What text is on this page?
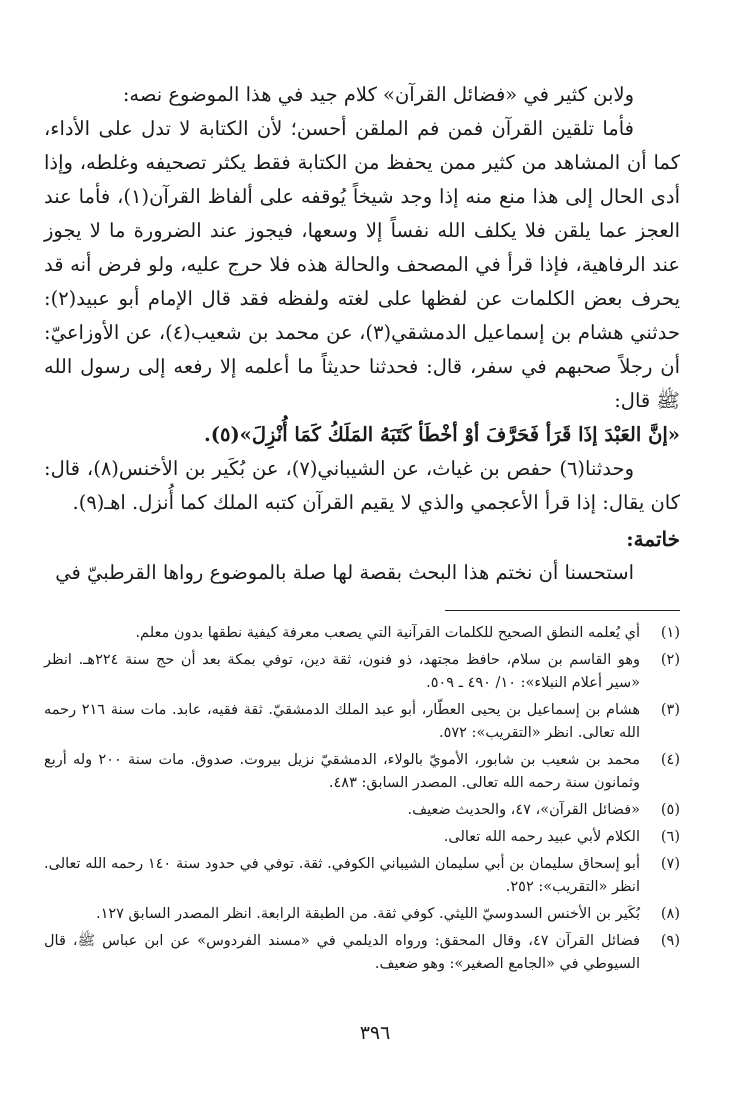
ولابن كثير في «فضائل القرآن» كلام جيد في هذا الموضوع نصه:

فأما تلقين القرآن فمن فم الملقن أحسن؛ لأن الكتابة لا تدل على الأداء، كما أن المشاهد من كثير ممن يحفظ من الكتابة فقط يكثر تصحيفه وغلطه، وإذا أدى الحال إلى هذا منع منه إذا وجد شيخاً يُوقفه على ألفاظ القرآن(١)، فأما عند العجز عما يلقن فلا يكلف الله نفساً إلا وسعها، فيجوز عند الضرورة ما لا يجوز عند الرفاهية، فإذا قرأ في المصحف والحالة هذه فلا حرج عليه، ولو فرض أنه قد يحرف بعض الكلمات عن لفظها على لغته ولفظه فقد قال الإمام أبو عبيد(٢): حدثني هشام بن إسماعيل الدمشقي(٣)، عن محمد بن شعيب(٤)، عن الأوزاعيّ: أن رجلاً صحبهم في سفر، قال: فحدثنا حديثاً ما أعلمه إلا رفعه إلى رسول الله ﷺ قال:

«إنَّ العَبْدَ إذَا قَرَأ فَحَرَّفَ أوْ أخْطَأ كَتَبَهُ المَلَكُ كَمَا أُنْزِلَ»(٥).

وحدثنا(٦) حفص بن غياث، عن الشيباني(٧)، عن بُكَير بن الأخنس(٨)، قال: كان يقال: إذا قرأ الأعجمي والذي لا يقيم القرآن كتبه الملك كما أُنزل. اهـ(٩).

خاتمة:

استحسنا أن نختم هذا البحث بقصة لها صلة بالموضوع رواها القرطبيّ في

(١)
أي يُعلمه النطق الصحيح للكلمات القرآنية التي يصعب معرفة كيفية نطقها بدون معلم.
(٢)
وهو القاسم بن سلام، حافظ مجتهد، ذو فنون، ثقة دين، توفي بمكة بعد أن حج سنة ٢٢٤هـ. انظر «سير أعلام النبلاء»: ١٠/ ٤٩٠ ـ ٥٠٩.
(٣)
هشام بن إسماعيل بن يحيى العطّار، أبو عبد الملك الدمشقيّ. ثقة فقيه، عابد. مات سنة ٢١٦ رحمه الله تعالى. انظر «التقريب»: ٥٧٢.
(٤)
محمد بن شعيب بن شابور، الأمويّ بالولاء، الدمشقيّ نزيل بيروت. صدوق. مات سنة ٢٠٠ وله أربع وثمانون سنة رحمه الله تعالى. المصدر السابق: ٤٨٣.
(٥)
«فضائل القرآن»، ٤٧، والحديث ضعيف.
(٦)
الكلام لأبي عبيد رحمه الله تعالى.
(٧)
أبو إسحاق سليمان بن أبي سليمان الشيباني الكوفي. ثقة. توفي في حدود سنة ١٤٠ رحمه الله تعالى. انظر «التقريب»: ٢٥٢.
(٨)
بُكَير بن الأخنس السدوسيّ الليثي. كوفي ثقة. من الطبقة الرابعة. انظر المصدر السابق ١٢٧.
(٩)
فضائل القرآن ٤٧، وقال المحقق: ورواه الديلمي في «مسند الفردوس» عن ابن عباس ﷺ، قال السيوطي في «الجامع الصغير»: وهو ضعيف.
٣٩٦
